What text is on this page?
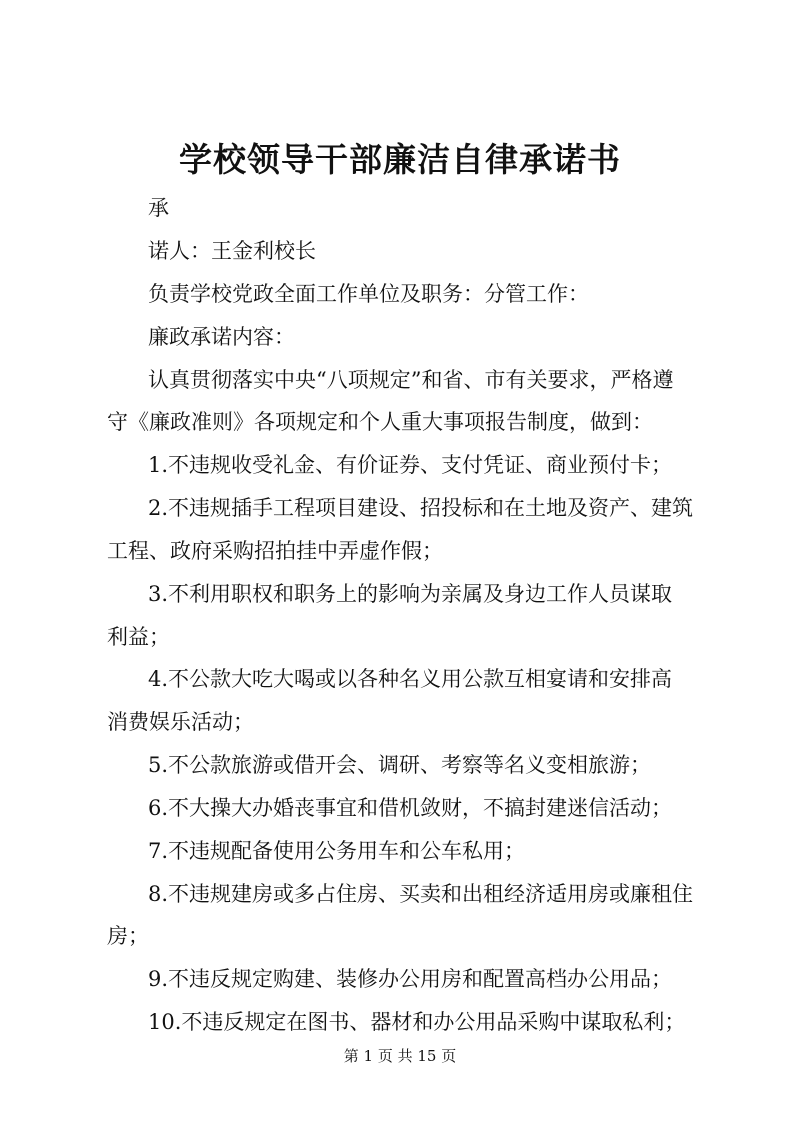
学校领导干部廉洁自律承诺书
承
诺人：王金利校长
负责学校党政全面工作单位及职务：分管工作：
廉政承诺内容：
认真贯彻落实中央“八项规定”和省、市有关要求，严格遵
守《廉政准则》各项规定和个人重大事项报告制度，做到：
1.不违规收受礼金、有价证券、支付凭证、商业预付卡；
2.不违规插手工程项目建设、招投标和在土地及资产、建筑
工程、政府采购招拍挂中弄虚作假；
3.不利用职权和职务上的影响为亲属及身边工作人员谋取
利益；
4.不公款大吃大喝或以各种名义用公款互相宴请和安排高
消费娱乐活动；
5.不公款旅游或借开会、调研、考察等名义变相旅游；
6.不大操大办婚丧事宜和借机敛财，不搞封建迷信活动；
7.不违规配备使用公务用车和公车私用；
8.不违规建房或多占住房、买卖和出租经济适用房或廉租住
房；
9.不违反规定购建、装修办公用房和配置高档办公用品；
10.不违反规定在图书、器材和办公用品采购中谋取私利；
第 1 页 共 15 页
